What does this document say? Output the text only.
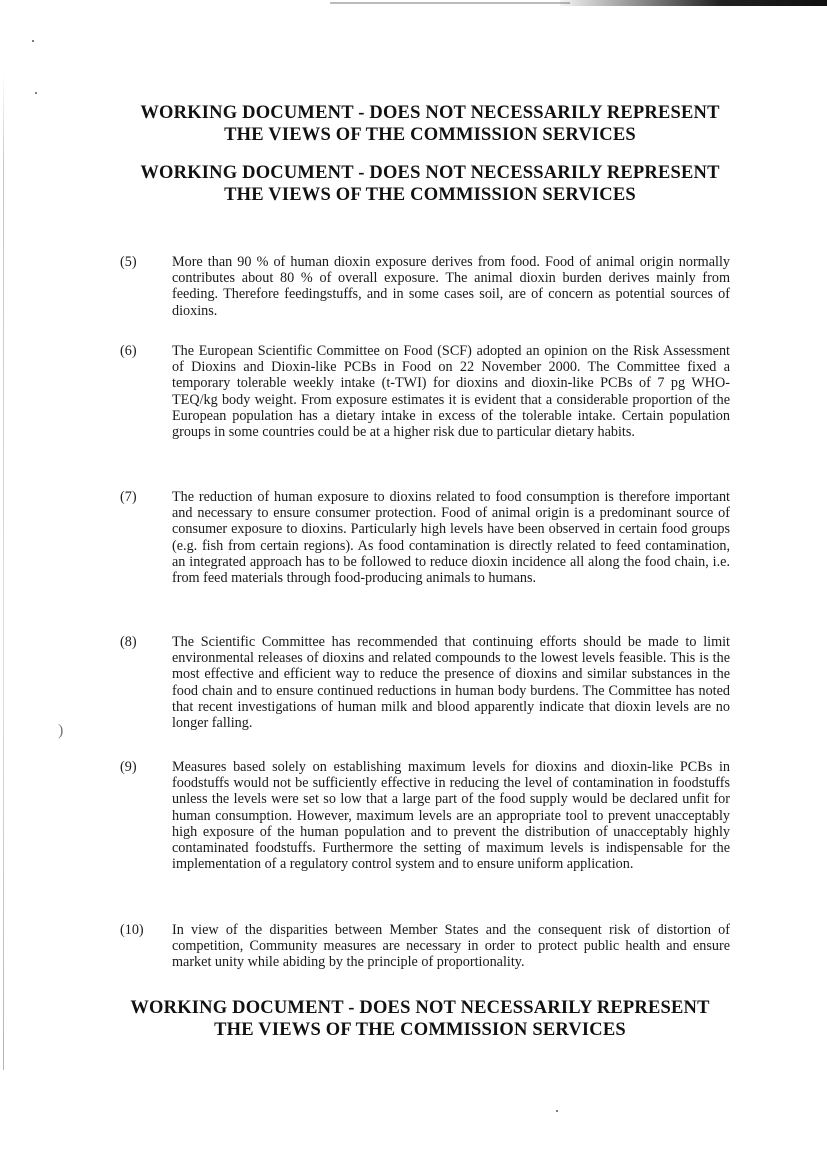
)
WORKING DOCUMENT - DOES NOT NECESSARILY REPRESENT
THE VIEWS OF THE COMMISSION SERVICES
WORKING DOCUMENT - DOES NOT NECESSARILY REPRESENT
THE VIEWS OF THE COMMISSION SERVICES
(5)	More than 90 % of human dioxin exposure derives from food. Food of animal origin normally contributes about 80 % of overall exposure. The animal dioxin burden derives mainly from feeding. Therefore feedingstuffs, and in some cases soil, are of concern as potential sources of dioxins.
(6)	The European Scientific Committee on Food (SCF) adopted an opinion on the Risk Assessment of Dioxins and Dioxin-like PCBs in Food on 22 November 2000. The Committee fixed a temporary tolerable weekly intake (t-TWI) for dioxins and dioxin-like PCBs of 7 pg WHO-TEQ/kg body weight. From exposure estimates it is evident that a considerable proportion of the European population has a dietary intake in excess of the tolerable intake. Certain population groups in some countries could be at a higher risk due to particular dietary habits.
(7)	The reduction of human exposure to dioxins related to food consumption is therefore important and necessary to ensure consumer protection. Food of animal origin is a predominant source of consumer exposure to dioxins. Particularly high levels have been observed in certain food groups (e.g. fish from certain regions). As food contamination is directly related to feed contamination, an integrated approach has to be followed to reduce dioxin incidence all along the food chain, i.e. from feed materials through food-producing animals to humans.
(8)	The Scientific Committee has recommended that continuing efforts should be made to limit environmental releases of dioxins and related compounds to the lowest levels feasible. This is the most effective and efficient way to reduce the presence of dioxins and similar substances in the food chain and to ensure continued reductions in human body burdens. The Committee has noted that recent investigations of human milk and blood apparently indicate that dioxin levels are no longer falling.
(9)	Measures based solely on establishing maximum levels for dioxins and dioxin-like PCBs in foodstuffs would not be sufficiently effective in reducing the level of contamination in foodstuffs unless the levels were set so low that a large part of the food supply would be declared unfit for human consumption. However, maximum levels are an appropriate tool to prevent unacceptably high exposure of the human population and to prevent the distribution of unacceptably highly contaminated foodstuffs. Furthermore the setting of maximum levels is indispensable for the implementation of a regulatory control system and to ensure uniform application.
(10)	In view of the disparities between Member States and the consequent risk of distortion of competition, Community measures are necessary in order to protect public health and ensure market unity while abiding by the principle of proportionality.
WORKING DOCUMENT - DOES NOT NECESSARILY REPRESENT
THE VIEWS OF THE COMMISSION SERVICES
